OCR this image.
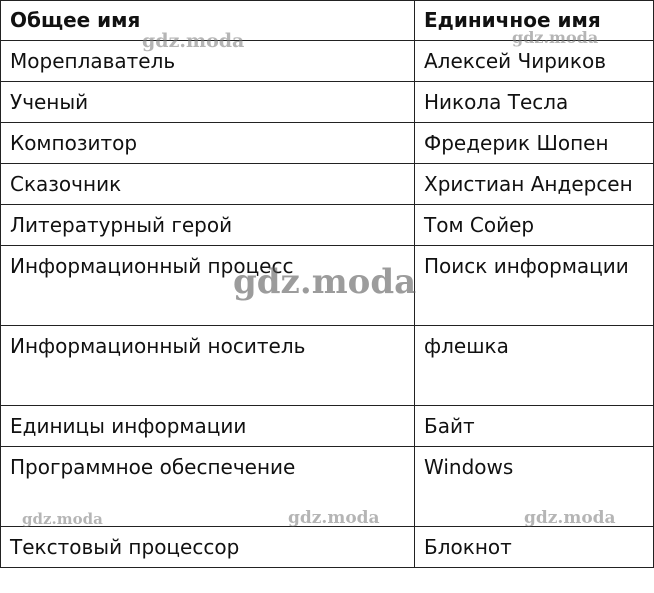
Общее имя	Единичное имя
Мореплаватель	Алексей Чириков
Ученый	Никола Тесла
Композитор	Фредерик Шопен
Сказочник	Христиан Андерсен
Литературный герой	Том Сойер
Информационный процесс	Поиск информации
Информационный носитель	флешка
Единицы информации	Байт
Программное обеспечение	Windows
Текстовый процессор	Блокнот
gdz.moda	gdz.moda
gdz.moda
gdz.moda	gdz.moda	gdz.moda
